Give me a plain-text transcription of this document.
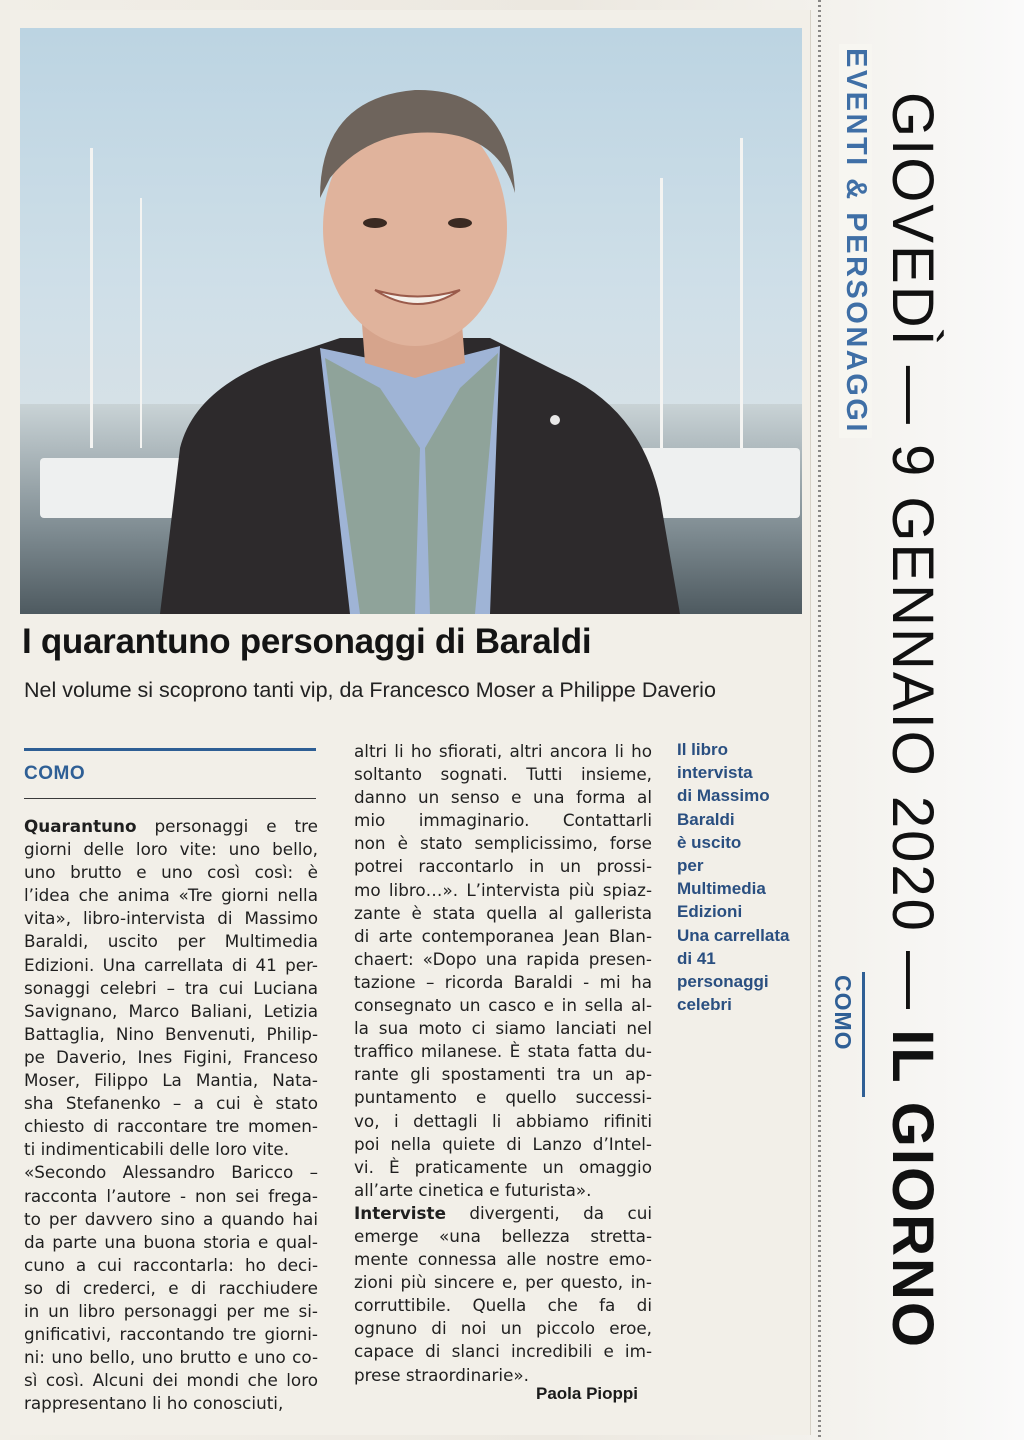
I quarantuno personaggi di Baraldi

Nel volume si scoprono tanti vip, da Francesco Moser a Philippe Daverio

COMO

Quarantuno personaggi e tre
giorni delle loro vite: uno bello,
uno brutto e uno così così: è
l’idea che anima «Tre giorni nella
vita», libro-intervista di Massimo
Baraldi, uscito per Multimedia
Edizioni. Una carrellata di 41 per-
sonaggi celebri – tra cui Luciana
Savignano, Marco Baliani, Letizia
Battaglia, Nino Benvenuti, Philip-
pe Daverio, Ines Figini, Franceso
Moser, Filippo La Mantia, Nata-
sha Stefanenko – a cui è stato
chiesto di raccontare tre momen-
ti indimenticabili delle loro vite.
«Secondo Alessandro Baricco –
racconta l’autore - non sei frega-
to per davvero sino a quando hai
da parte una buona storia e qual-
cuno a cui raccontarla: ho deci-
so di crederci, e di racchiudere
in un libro personaggi per me si-
gnificativi, raccontando tre giorni-
ni: uno bello, uno brutto e uno co-
sì così. Alcuni dei mondi che loro
rappresentano li ho conosciuti,
altri li ho sfiorati, altri ancora li ho
soltanto sognati. Tutti insieme,
danno un senso e una forma al
mio immaginario. Contattarli
non è stato semplicissimo, forse
potrei raccontarlo in un prossi-
mo libro…». L’intervista più spiaz-
zante è stata quella al gallerista
di arte contemporanea Jean Blan-
chaert: «Dopo una rapida presen-
tazione – ricorda Baraldi - mi ha
consegnato un casco e in sella al-
la sua moto ci siamo lanciati nel
traffico milanese. È stata fatta du-
rante gli spostamenti tra un ap-
puntamento e quello successi-
vo, i dettagli li abbiamo rifiniti
poi nella quiete di Lanzo d’Intel-
vi. È praticamente un omaggio
all’arte cinetica e futurista».
Interviste divergenti, da cui
emerge «una bellezza stretta-
mente connessa alle nostre emo-
zioni più sincere e, per questo, in-
corruttibile. Quella che fa di
ognuno di noi un piccolo eroe,
capace di slanci incredibili e im-
prese straordinarie».
Il libro
intervista
di Massimo
Baraldi
è uscito
per
Multimedia
Edizioni
Una carrellata
di 41
personaggi
celebri

Paola Pioppi

EVENTI & PERSONAGGI GIOVEDÌ — 9 GENNAIO 2020 — IL GIORNO
COMO
